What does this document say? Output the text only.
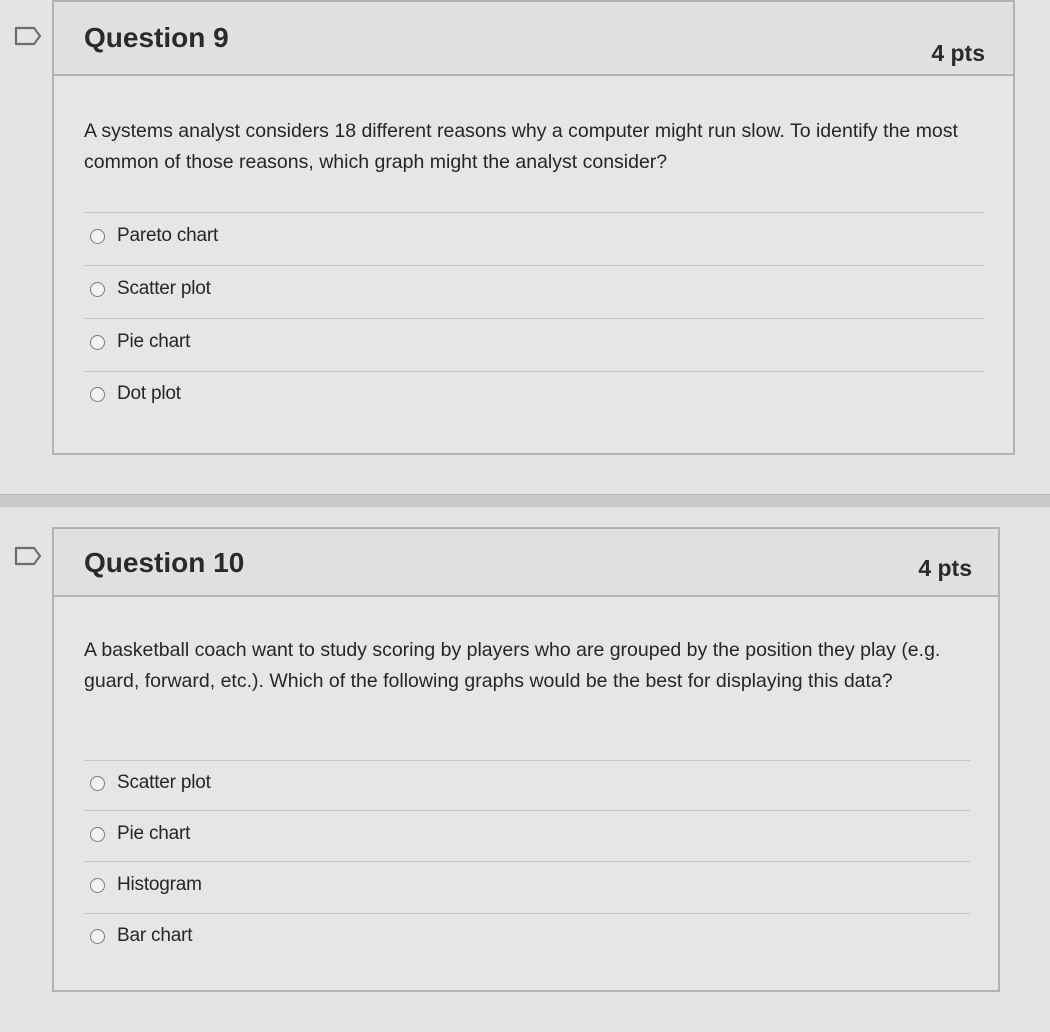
Question 9	4 pts
A systems analyst considers 18 different reasons why a computer might run slow. To identify the most common of those reasons, which graph might the analyst consider?
Pareto chart
Scatter plot
Pie chart
Dot plot
Question 10	4 pts
A basketball coach want to study scoring by players who are grouped by the position they play (e.g. guard, forward, etc.). Which of the following graphs would be the best for displaying this data?
Scatter plot
Pie chart
Histogram
Bar chart
